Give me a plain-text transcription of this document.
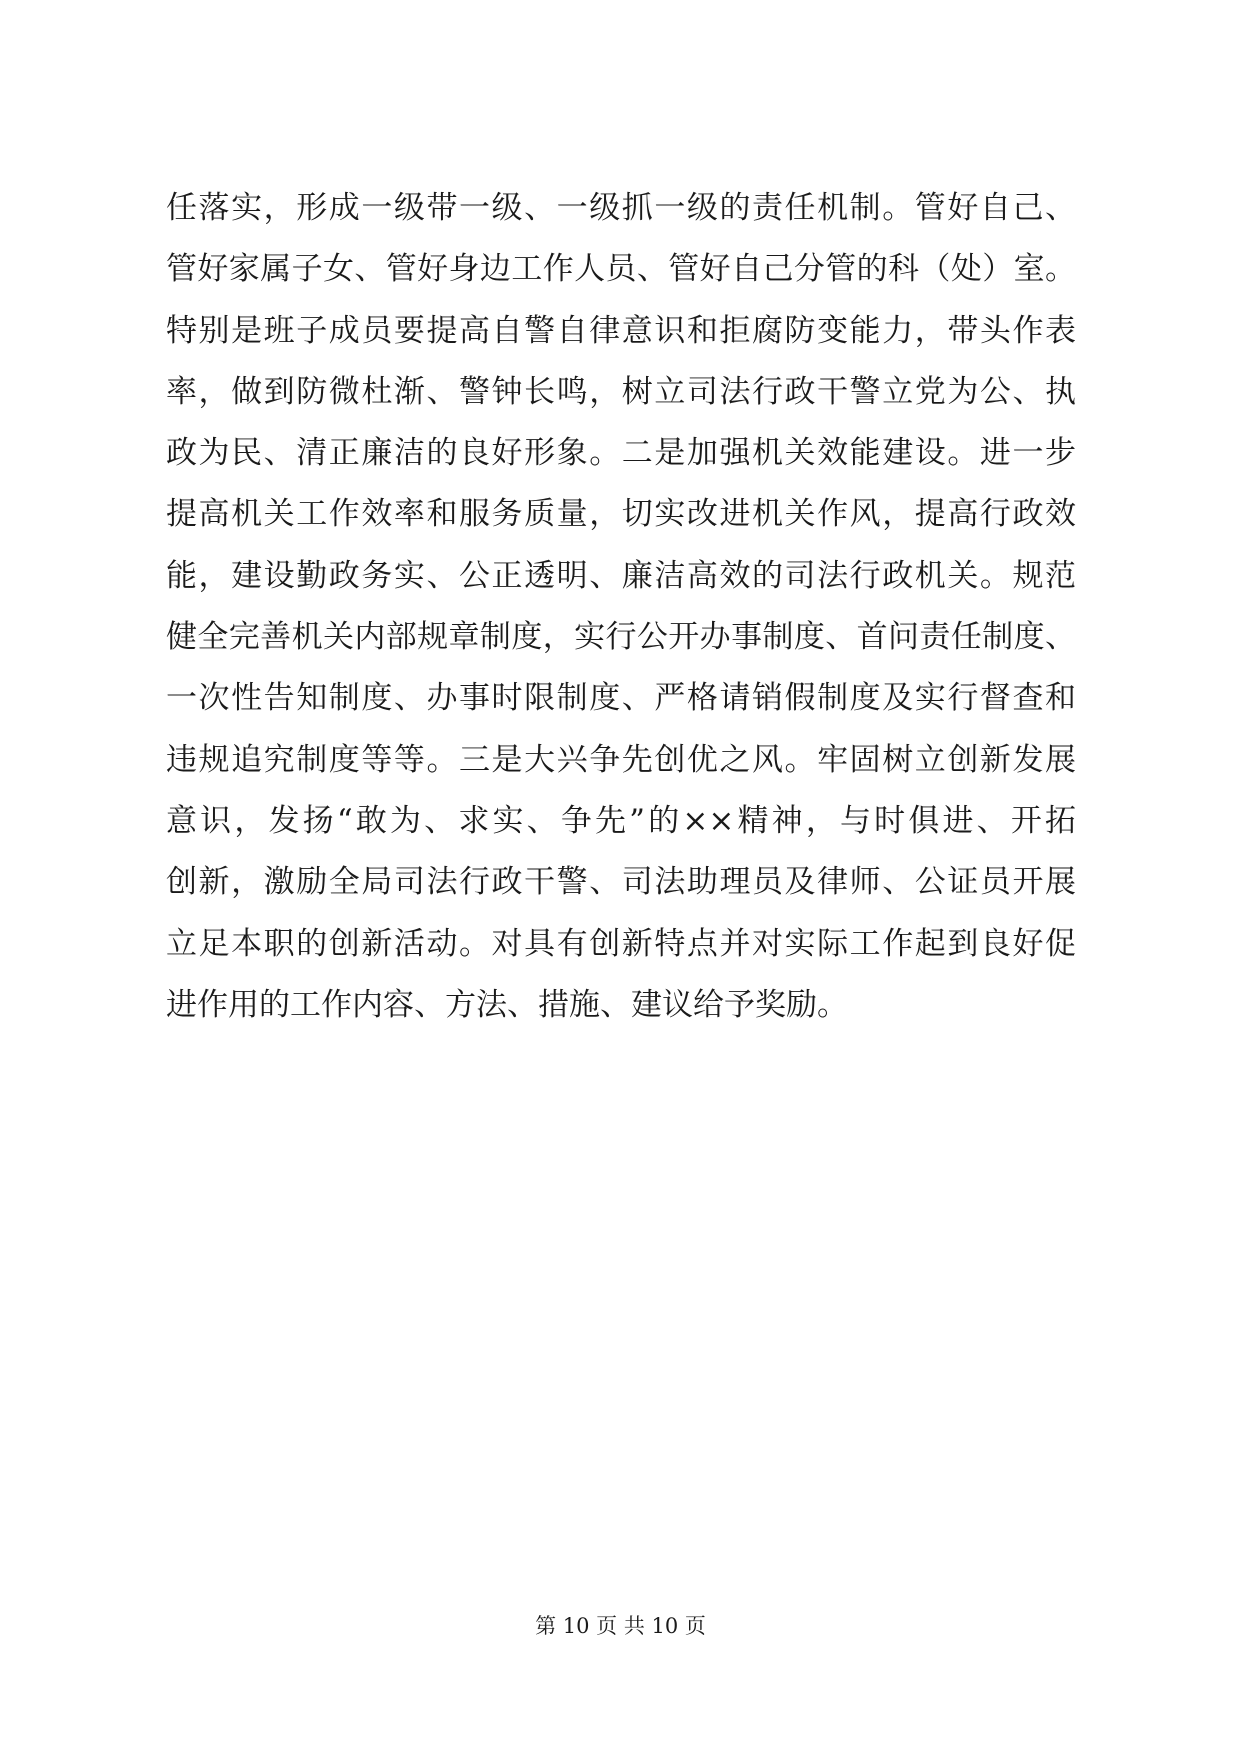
任落实，形成一级带一级、一级抓一级的责任机制。管好自己、
管好家属子女、管好身边工作人员、管好自己分管的科（处）室。
特别是班子成员要提高自警自律意识和拒腐防变能力，带头作表
率，做到防微杜渐、警钟长鸣，树立司法行政干警立党为公、执
政为民、清正廉洁的良好形象。二是加强机关效能建设。进一步
提高机关工作效率和服务质量，切实改进机关作风，提高行政效
能，建设勤政务实、公正透明、廉洁高效的司法行政机关。规范
健全完善机关内部规章制度，实行公开办事制度、首问责任制度、
一次性告知制度、办事时限制度、严格请销假制度及实行督查和
违规追究制度等等。三是大兴争先创优之风。牢固树立创新发展
意识，发扬“敢为、求实、争先”的××精神，与时俱进、开拓
创新，激励全局司法行政干警、司法助理员及律师、公证员开展
立足本职的创新活动。对具有创新特点并对实际工作起到良好促
进作用的工作内容、方法、措施、建议给予奖励。
第 10 页 共 10 页
